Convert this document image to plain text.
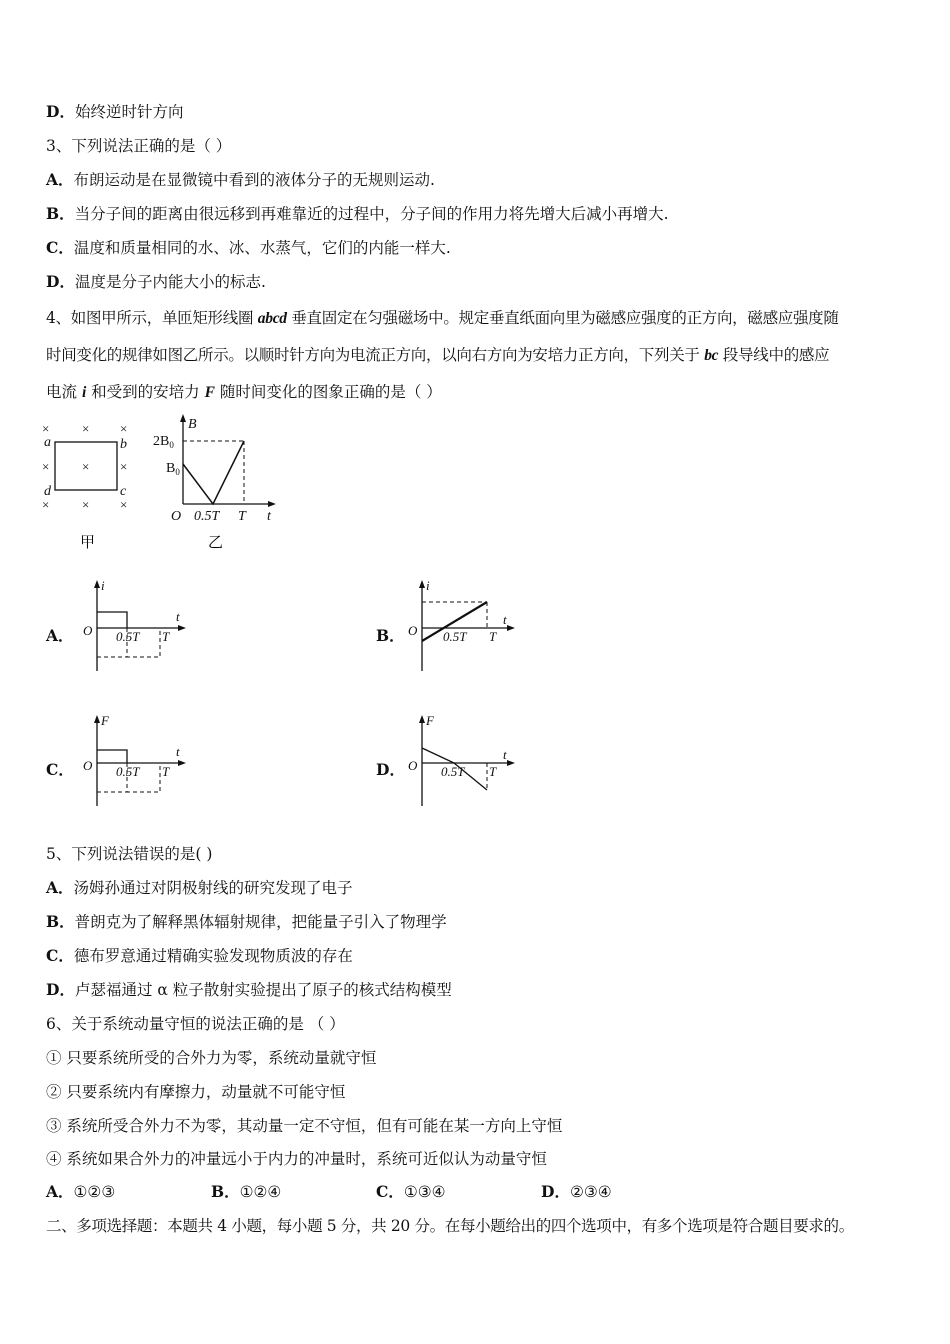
D．始终逆时针方向
3、下列说法正确的是（ ）
A．布朗运动是在显微镜中看到的液体分子的无规则运动.
B．当分子间的距离由很远移到再难靠近的过程中，分子间的作用力将先增大后减小再增大.
C．温度和质量相同的水、冰、水蒸气，它们的内能一样大.
D．温度是分子内能大小的标志.
4、如图甲所示，单匝矩形线圈 abcd 垂直固定在匀强磁场中。规定垂直纸面向里为磁感应强度的正方向，磁感应强度随
时间变化的规律如图乙所示。以顺时针方向为电流正方向，以向右方向为安培力正方向，下列关于 bc 段导线中的感应
电流 i 和受到的安培力 F 随时间变化的图象正确的是（ ）
×	× ×
×	× ×
×	× ×
a	b
d	c
甲
B
$2B_0$
$B_0$
O 0.5T T t
乙
A．
i
O
t
0.5T T	B．
i
O
t
0.5T T
C．
F
O
t
0.5T T	D．
F
O
t
0.5T T
5、下列说法错误的是( )
A．汤姆孙通过对阴极射线的研究发现了电子
B．普朗克为了解释黑体辐射规律，把能量子引入了物理学
C．德布罗意通过精确实验发现物质波的存在
D．卢瑟福通过 α 粒子散射实验提出了原子的核式结构模型
6、关于系统动量守恒的说法正确的是 （ ）
① 只要系统所受的合外力为零，系统动量就守恒
② 只要系统内有摩擦力，动量就不可能守恒
③ 系统所受合外力不为零，其动量一定不守恒，但有可能在某一方向上守恒
④ 系统如果合外力的冲量远小于内力的冲量时，系统可近似认为动量守恒
A．①②③	B．①②④	C．①③④	D．②③④
二、多项选择题：本题共 4 小题，每小题 5 分，共 20 分。在每小题给出的四个选项中，有多个选项是符合题目要求的。
